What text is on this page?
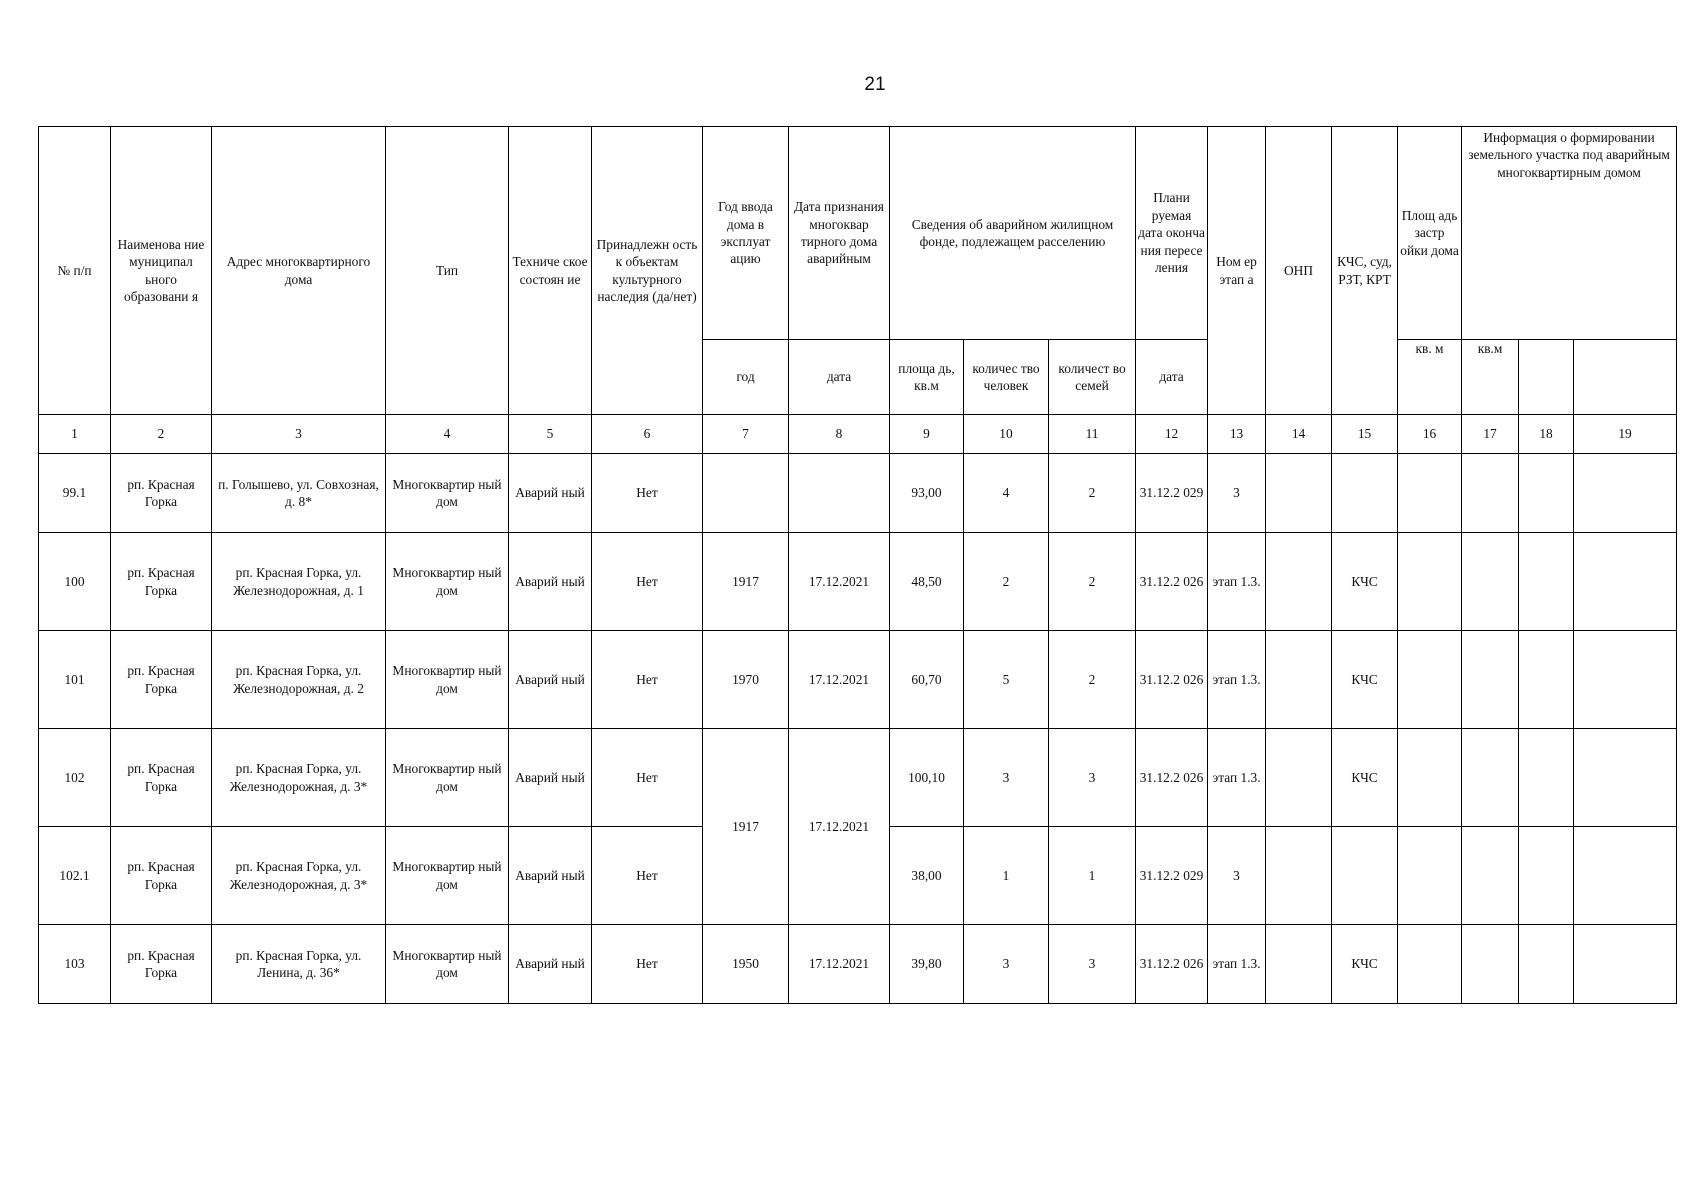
21
№ п/п	Наименова ние муниципал ьного образовани я	Адрес многоквартирного дома	Тип	Техниче ское состоян ие	Принадлежн ость к объектам культурного наследия (да/нет)	Год ввода дома в эксплуат ацию	Дата признания многоквар тирного дома аварийным	Сведения об аварийном жилищном фонде, подлежащем расселению			Плани руемая дата оконча ния пересе ления	Ном ер этап а	ОНП	КЧС, суд, РЗТ, КРТ	Площ адь застр ойки дома	Информация о формировании земельного участка под аварийным многоквартирным домом		

						год	дата	площа дь, кв.м	количес тво человек	количест во семей	дата				кв. м	кв.м		
1	2	3	4	5	6	7	8	9	10	11	12	13	14	15	16	17	18	19
99.1	рп. Красная Горка	п. Голышево, ул. Совхозная, д. 8*	Многоквартир ный дом	Аварий ный	Нет			93,00	4	2	31.12.2 029	3						
100	рп. Красная Горка	рп. Красная Горка, ул. Железнодорожная, д. 1	Многоквартир ный дом	Аварий ный	Нет	1917	17.12.2021	48,50	2	2	31.12.2 026	этап 1.3.		КЧС				
101	рп. Красная Горка	рп. Красная Горка, ул. Железнодорожная, д. 2	Многоквартир ный дом	Аварий ный	Нет	1970	17.12.2021	60,70	5	2	31.12.2 026	этап 1.3.		КЧС				
102	рп. Красная Горка	рп. Красная Горка, ул. Железнодорожная, д. 3*	Многоквартир ный дом	Аварий ный	Нет	1917	17.12.2021	100,10	3	3	31.12.2 026	этап 1.3.		КЧС				
102.1	рп. Красная Горка	рп. Красная Горка, ул. Железнодорожная, д. 3*	Многоквартир ный дом	Аварий ный	Нет			38,00	1	1	31.12.2 029	3						
103	рп. Красная Горка	рп. Красная Горка, ул. Ленина, д. 36*	Многоквартир ный дом	Аварий ный	Нет	1950	17.12.2021	39,80	3	3	31.12.2 026	этап 1.3.		КЧС				
